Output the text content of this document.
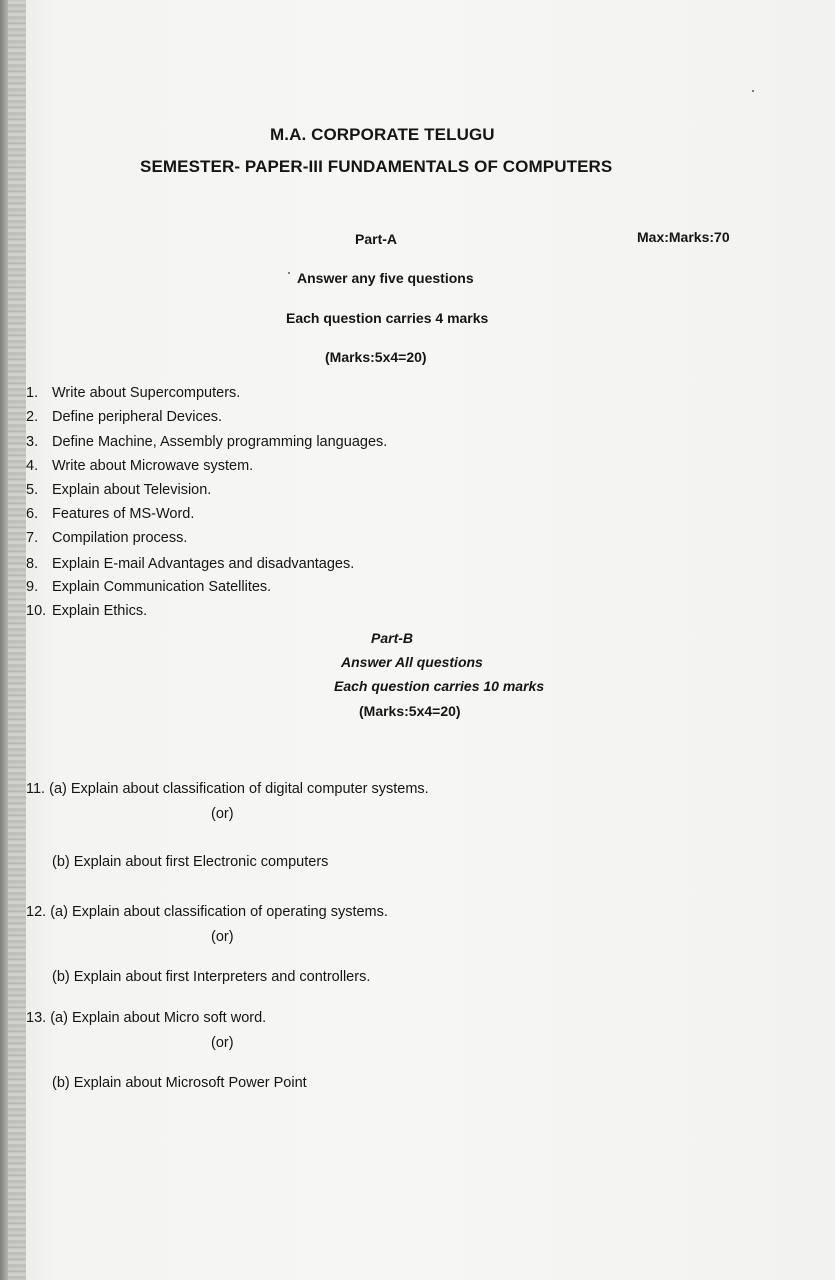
M.A. CORPORATE TELUGU
SEMESTER- PAPER-III FUNDAMENTALS OF COMPUTERS
Part-A	Max:Marks:70
Answer any five questions
Each question carries 4 marks
(Marks:5x4=20)
1. Write about Supercomputers.
2. Define peripheral Devices.
3. Define Machine, Assembly programming languages.
4. Write about Microwave system.
5. Explain about Television.
6. Features of MS-Word.
7. Compilation process.
8. Explain E-mail Advantages and disadvantages.
9. Explain Communication Satellites.
10. Explain Ethics.
Part-B
Answer All questions
Each question carries 10 marks
(Marks:5x4=20)
11. (a) Explain about classification of digital computer systems.
(or)
(b) Explain about first Electronic computers
12. (a) Explain about classification of operating systems.
(or)
(b) Explain about first Interpreters and controllers.
13. (a) Explain about Micro soft word.
(or)
(b) Explain about Microsoft Power Point
